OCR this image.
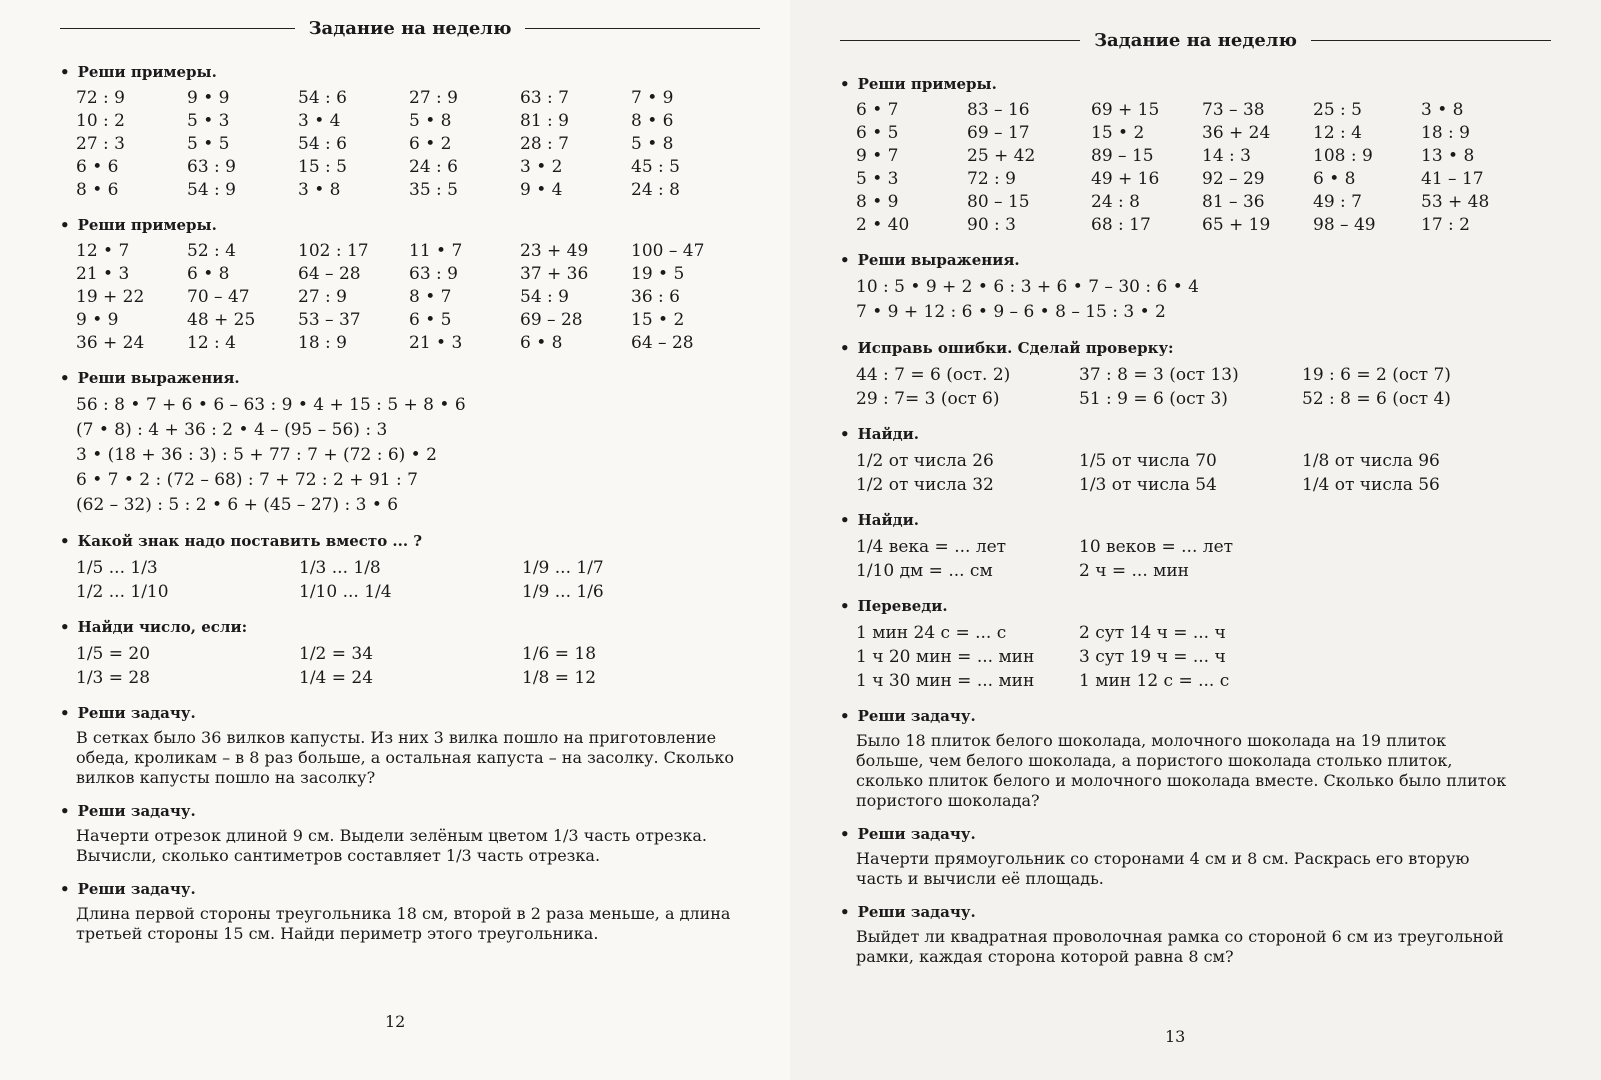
Задание на неделю
• Реши примеры.
72 : 9	9 • 9	54 : 6	27 : 9	63 : 7	7 • 9
10 : 2	5 • 3	3 • 4	5 • 8	81 : 9	8 • 6
27 : 3	5 • 5	54 : 6	6 • 2	28 : 7	5 • 8
6 • 6	63 : 9	15 : 5	24 : 6	3 • 2	45 : 5
8 • 6	54 : 9	3 • 8	35 : 5	9 • 4	24 : 8
• Реши примеры.
12 • 7	52 : 4	102 : 17	11 • 7	23 + 49	100 – 47
21 • 3	6 • 8	64 – 28	63 : 9	37 + 36	19 • 5
19 + 22	70 – 47	27 : 9	8 • 7	54 : 9	36 : 6
9 • 9	48 + 25	53 – 37	6 • 5	69 – 28	15 • 2
36 + 24	12 : 4	18 : 9	21 • 3	6 • 8	64 – 28
• Реши выражения.
56 : 8 • 7 + 6 • 6 – 63 : 9 • 4 + 15 : 5 + 8 • 6
(7 • 8) : 4 + 36 : 2 • 4 – (95 – 56) : 3
3 • (18 + 36 : 3) : 5 + 77 : 7 + (72 : 6) • 2
6 • 7 • 2 : (72 – 68) : 7 + 72 : 2 + 91 : 7
(62 – 32) : 5 : 2 • 6 + (45 – 27) : 3 • 6
• Какой знак надо поставить вместо ... ?
1/5 ... 1/3	1/3 ... 1/8	1/9 ... 1/7
1/2 ... 1/10	1/10 ... 1/4	1/9 ... 1/6
• Найди число, если:
1/5 = 20	1/2 = 34	1/6 = 18
1/3 = 28	1/4 = 24	1/8 = 12
• Реши задачу.
В сетках было 36 вилков капусты. Из них 3 вилка пошло на приготовление обеда, кроликам – в 8 раз больше, а остальная капуста – на засолку. Сколько вилков капусты пошло на засолку?
• Реши задачу.
Начерти отрезок длиной 9 см. Выдели зелёным цветом 1/3 часть отрезка. Вычисли, сколько сантиметров составляет 1/3 часть отрезка.
• Реши задачу.
Длина первой стороны треугольника 18 см, второй в 2 раза меньше, а длина третьей стороны 15 см. Найди периметр этого треугольника.
12
Задание на неделю
• Реши примеры.
6 • 7	83 – 16	69 + 15	73 – 38	25 : 5	3 • 8
6 • 5	69 – 17	15 • 2	36 + 24	12 : 4	18 : 9
9 • 7	25 + 42	89 – 15	14 : 3	108 : 9	13 • 8
5 • 3	72 : 9	49 + 16	92 – 29	6 • 8	41 – 17
8 • 9	80 – 15	24 : 8	81 – 36	49 : 7	53 + 48
2 • 40	90 : 3	68 : 17	65 + 19	98 – 49	17 : 2
• Реши выражения.
10 : 5 • 9 + 2 • 6 : 3 + 6 • 7 – 30 : 6 • 4
7 • 9 + 12 : 6 • 9 – 6 • 8 – 15 : 3 • 2
• Исправь ошибки. Сделай проверку:
44 : 7 = 6 (ост. 2)	37 : 8 = 3 (ост 13)	19 : 6 = 2 (ост 7)
29 : 7= 3 (ост 6)	51 : 9 = 6 (ост 3)	52 : 8 = 6 (ост 4)
• Найди.
1/2 от числа 26	1/5 от числа 70	1/8 от числа 96
1/2 от числа 32	1/3 от числа 54	1/4 от числа 56
• Найди.
1/4 века = ... лет	10 веков = ... лет
1/10 дм = ... см	2 ч = ... мин
• Переведи.
1 мин 24 с = ... с	2 сут 14 ч = ... ч
1 ч 20 мин = ... мин	3 сут 19 ч = ... ч
1 ч 30 мин = ... мин	1 мин 12 с = ... с
• Реши задачу.
Было 18 плиток белого шоколада, молочного шоколада на 19 плиток больше, чем белого шоколада, а пористого шоколада столько плиток, сколько плиток белого и молочного шоколада вместе. Сколько было плиток пористого шоколада?
• Реши задачу.
Начерти прямоугольник со сторонами 4 см и 8 см. Раскрась его вторую часть и вычисли её площадь.
• Реши задачу.
Выйдет ли квадратная проволочная рамка со стороной 6 см из треугольной рамки, каждая сторона которой равна 8 см?
13
